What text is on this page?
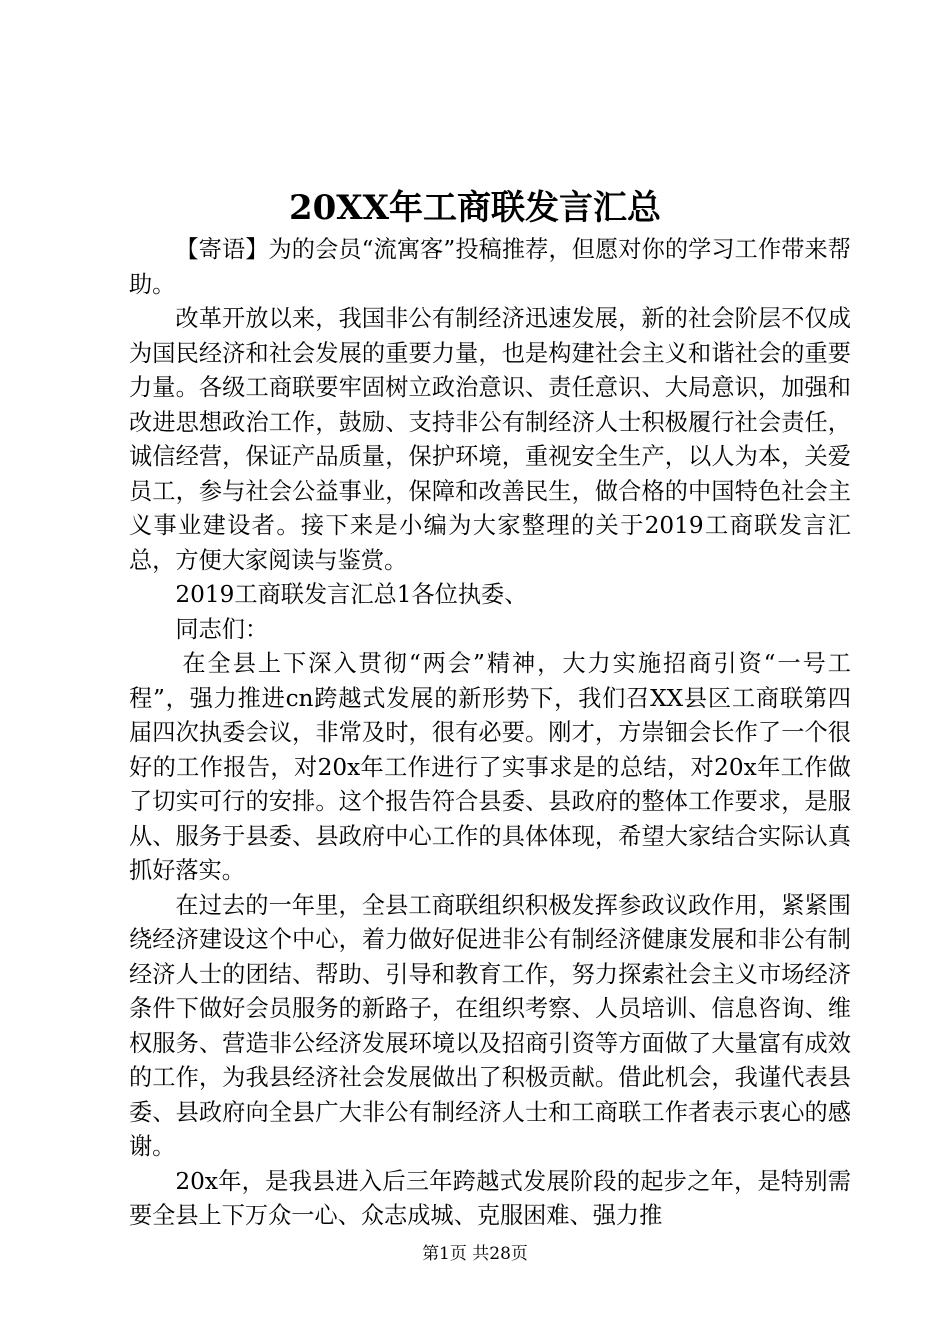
20XX年工商联发言汇总

【寄语】为的会员“流寓客”投稿推荐，但愿对你的学习工作带来帮助。

改革开放以来，我国非公有制经济迅速发展，新的社会阶层不仅成为国民经济和社会发展的重要力量，也是构建社会主义和谐社会的重要力量。各级工商联要牢固树立政治意识、责任意识、大局意识，加强和改进思想政治工作，鼓励、支持非公有制经济人士积极履行社会责任，诚信经营，保证产品质量，保护环境，重视安全生产，以人为本，关爱员工，参与社会公益事业，保障和改善民生，做合格的中国特色社会主义事业建设者。接下来是小编为大家整理的关于2019工商联发言汇总，方便大家阅读与鉴赏。

2019工商联发言汇总1各位执委、

同志们：

在全县上下深入贯彻“两会”精神，大力实施招商引资“一号工程”，强力推进cn跨越式发展的新形势下，我们召XX县区工商联第四届四次执委会议，非常及时，很有必要。刚才，方崇钿会长作了一个很好的工作报告，对20x年工作进行了实事求是的总结，对20x年工作做了切实可行的安排。这个报告符合县委、县政府的整体工作要求，是服从、服务于县委、县政府中心工作的具体体现，希望大家结合实际认真抓好落实。

在过去的一年里，全县工商联组织积极发挥参政议政作用，紧紧围绕经济建设这个中心，着力做好促进非公有制经济健康发展和非公有制经济人士的团结、帮助、引导和教育工作，努力探索社会主义市场经济条件下做好会员服务的新路子，在组织考察、人员培训、信息咨询、维权服务、营造非公经济发展环境以及招商引资等方面做了大量富有成效的工作，为我县经济社会发展做出了积极贡献。借此机会，我谨代表县委、县政府向全县广大非公有制经济人士和工商联工作者表示衷心的感谢。

20x年，是我县进入后三年跨越式发展阶段的起步之年，是特别需要全县上下万众一心、众志成城、克服困难、强力推

第1页 共28页
